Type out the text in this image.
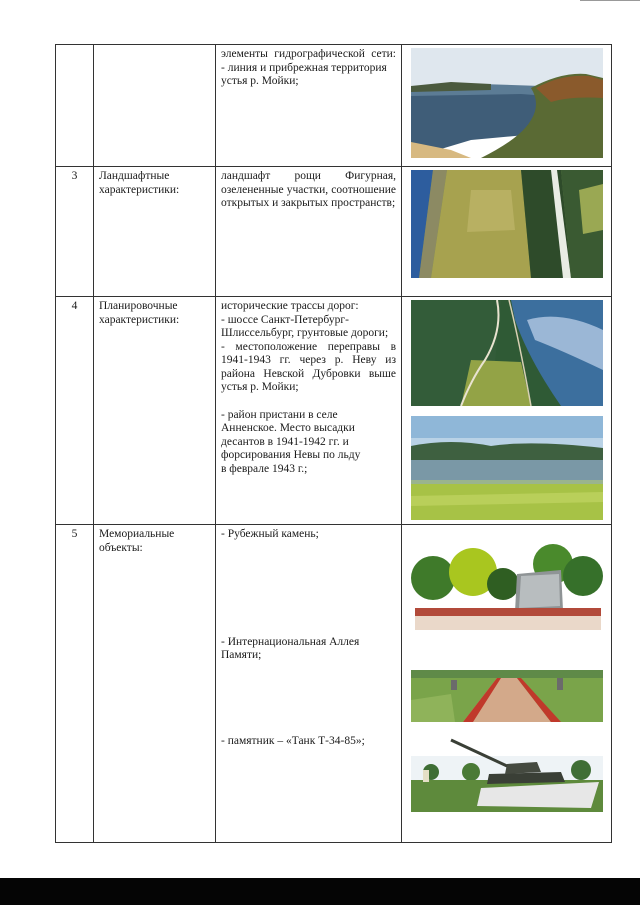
		элементы гидрографической сети:
- линия и прибрежная территория устья р. Мойки;

3	Ландшафтные характеристики:	ландшафт рощи Фигурная, озелененные участки, соотношение открытых и закрытых пространств;

4	Планировочные характеристики:	исторические трассы дорог:
- шоссе Санкт-Петербург-Шлиссельбург, грунтовые дороги;
- местоположение переправы в 1941-1943 гг. через р. Неву из района Невской Дубровки выше устья р. Мойки;
- район пристани в селе Анненское. Место высадки десантов в 1941-1942 гг. и форсирования Невы по льду в феврале 1943 г.;

5	Мемориальные объекты:	- Рубежный камень;
- Интернациональная Аллея Памяти;
- памятник – «Танк Т-34-85»;
